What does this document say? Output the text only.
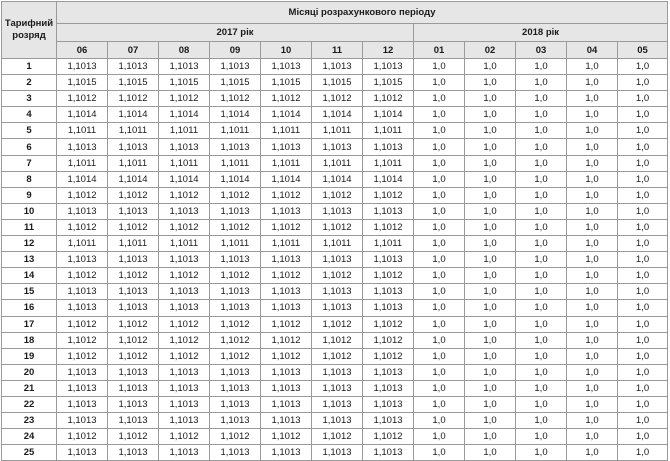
Тарифний розряд	Місяці розрахункового періоду											
	2017 рік							2018 рік				
	06	07	08	09	10	11	12	01	02	03	04	05
1	1,1013	1,1013	1,1013	1,1013	1,1013	1,1013	1,1013	1,0	1,0	1,0	1,0	1,0
2	1,1015	1,1015	1,1015	1,1015	1,1015	1,1015	1,1015	1,0	1,0	1,0	1,0	1,0
3	1,1012	1,1012	1,1012	1,1012	1,1012	1,1012	1,1012	1,0	1,0	1,0	1,0	1,0
4	1,1014	1,1014	1,1014	1,1014	1,1014	1,1014	1,1014	1,0	1,0	1,0	1,0	1,0
5	1,1011	1,1011	1,1011	1,1011	1,1011	1,1011	1,1011	1,0	1,0	1,0	1,0	1,0
6	1,1013	1,1013	1,1013	1,1013	1,1013	1,1013	1,1013	1,0	1,0	1,0	1,0	1,0
7	1,1011	1,1011	1,1011	1,1011	1,1011	1,1011	1,1011	1,0	1,0	1,0	1,0	1,0
8	1,1014	1,1014	1,1014	1,1014	1,1014	1,1014	1,1014	1,0	1,0	1,0	1,0	1,0
9	1,1012	1,1012	1,1012	1,1012	1,1012	1,1012	1,1012	1,0	1,0	1,0	1,0	1,0
10	1,1013	1,1013	1,1013	1,1013	1,1013	1,1013	1,1013	1,0	1,0	1,0	1,0	1,0
11	1,1012	1,1012	1,1012	1,1012	1,1012	1,1012	1,1012	1,0	1,0	1,0	1,0	1,0
12	1,1011	1,1011	1,1011	1,1011	1,1011	1,1011	1,1011	1,0	1,0	1,0	1,0	1,0
13	1,1013	1,1013	1,1013	1,1013	1,1013	1,1013	1,1013	1,0	1,0	1,0	1,0	1,0
14	1,1012	1,1012	1,1012	1,1012	1,1012	1,1012	1,1012	1,0	1,0	1,0	1,0	1,0
15	1,1013	1,1013	1,1013	1,1013	1,1013	1,1013	1,1013	1,0	1,0	1,0	1,0	1,0
16	1,1013	1,1013	1,1013	1,1013	1,1013	1,1013	1,1013	1,0	1,0	1,0	1,0	1,0
17	1,1012	1,1012	1,1012	1,1012	1,1012	1,1012	1,1012	1,0	1,0	1,0	1,0	1,0
18	1,1012	1,1012	1,1012	1,1012	1,1012	1,1012	1,1012	1,0	1,0	1,0	1,0	1,0
19	1,1012	1,1012	1,1012	1,1012	1,1012	1,1012	1,1012	1,0	1,0	1,0	1,0	1,0
20	1,1013	1,1013	1,1013	1,1013	1,1013	1,1013	1,1013	1,0	1,0	1,0	1,0	1,0
21	1,1013	1,1013	1,1013	1,1013	1,1013	1,1013	1,1013	1,0	1,0	1,0	1,0	1,0
22	1,1013	1,1013	1,1013	1,1013	1,1013	1,1013	1,1013	1,0	1,0	1,0	1,0	1,0
23	1,1013	1,1013	1,1013	1,1013	1,1013	1,1013	1,1013	1,0	1,0	1,0	1,0	1,0
24	1,1012	1,1012	1,1012	1,1012	1,1012	1,1012	1,1012	1,0	1,0	1,0	1,0	1,0
25	1,1013	1,1013	1,1013	1,1013	1,1013	1,1013	1,1013	1,0	1,0	1,0	1,0	1,0
